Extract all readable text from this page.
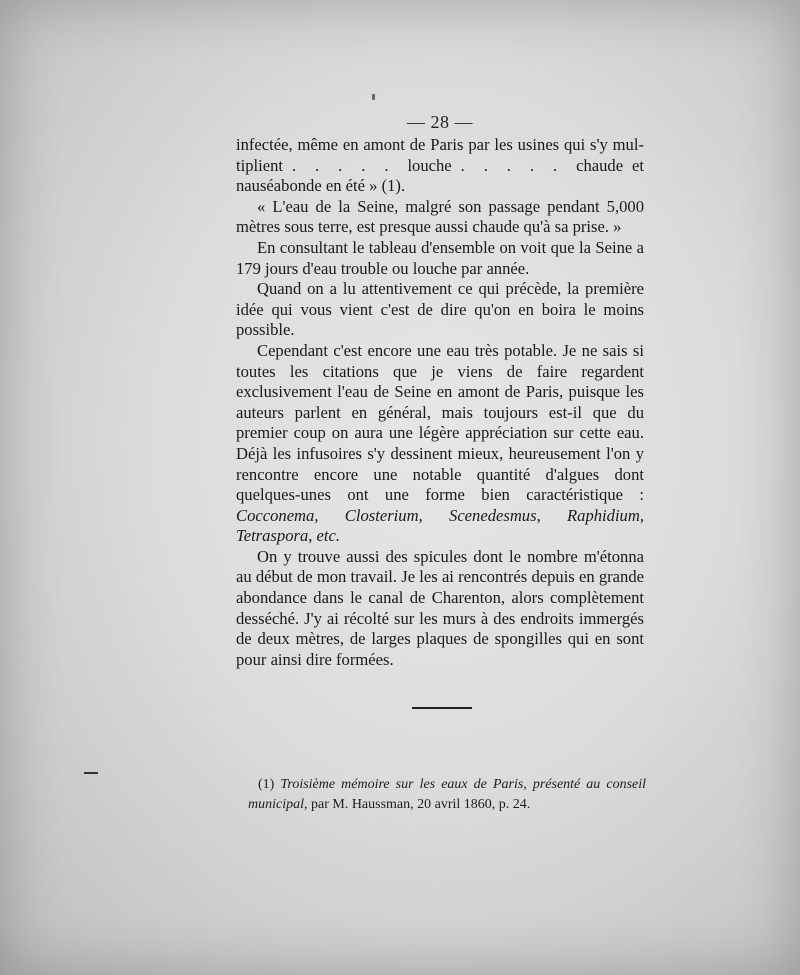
— 28 —

infectée, même en amont de Paris par les usines qui s'y mul- tiplient . . . . . louche . . . . . chaude et nauséabonde en été » (1).

« L'eau de la Seine, malgré son passage pendant 5,000 mètres sous terre, est presque aussi chaude qu'à sa prise. »

En consultant le tableau d'ensemble on voit que la Seine a 179 jours d'eau trouble ou louche par année.

Quand on a lu attentivement ce qui précède, la première idée qui vous vient c'est de dire qu'on en boira le moins possible.

Cependant c'est encore une eau très potable. Je ne sais si toutes les citations que je viens de faire regardent exclusivement l'eau de Seine en amont de Paris, puisque les auteurs parlent en général, mais toujours est-il que du premier coup on aura une légère appréciation sur cette eau. Déjà les infusoires s'y dessinent mieux, heureusement l'on y rencontre encore une notable quantité d'algues dont quelques-unes ont une forme bien caractéristique : Cocconema, Closterium, Scenedesmus, Raphidium, Tetraspora, etc.

On y trouve aussi des spicules dont le nombre m'étonna au début de mon travail. Je les ai rencontrés depuis en grande abondance dans le canal de Charenton, alors complètement desséché. J'y ai récolté sur les murs à des endroits immergés de deux mètres, de larges plaques de spongilles qui en sont pour ainsi dire formées.

(1) Troisième mémoire sur les eaux de Paris, présenté au conseil municipal, par M. Haussman, 20 avril 1860, p. 24.
